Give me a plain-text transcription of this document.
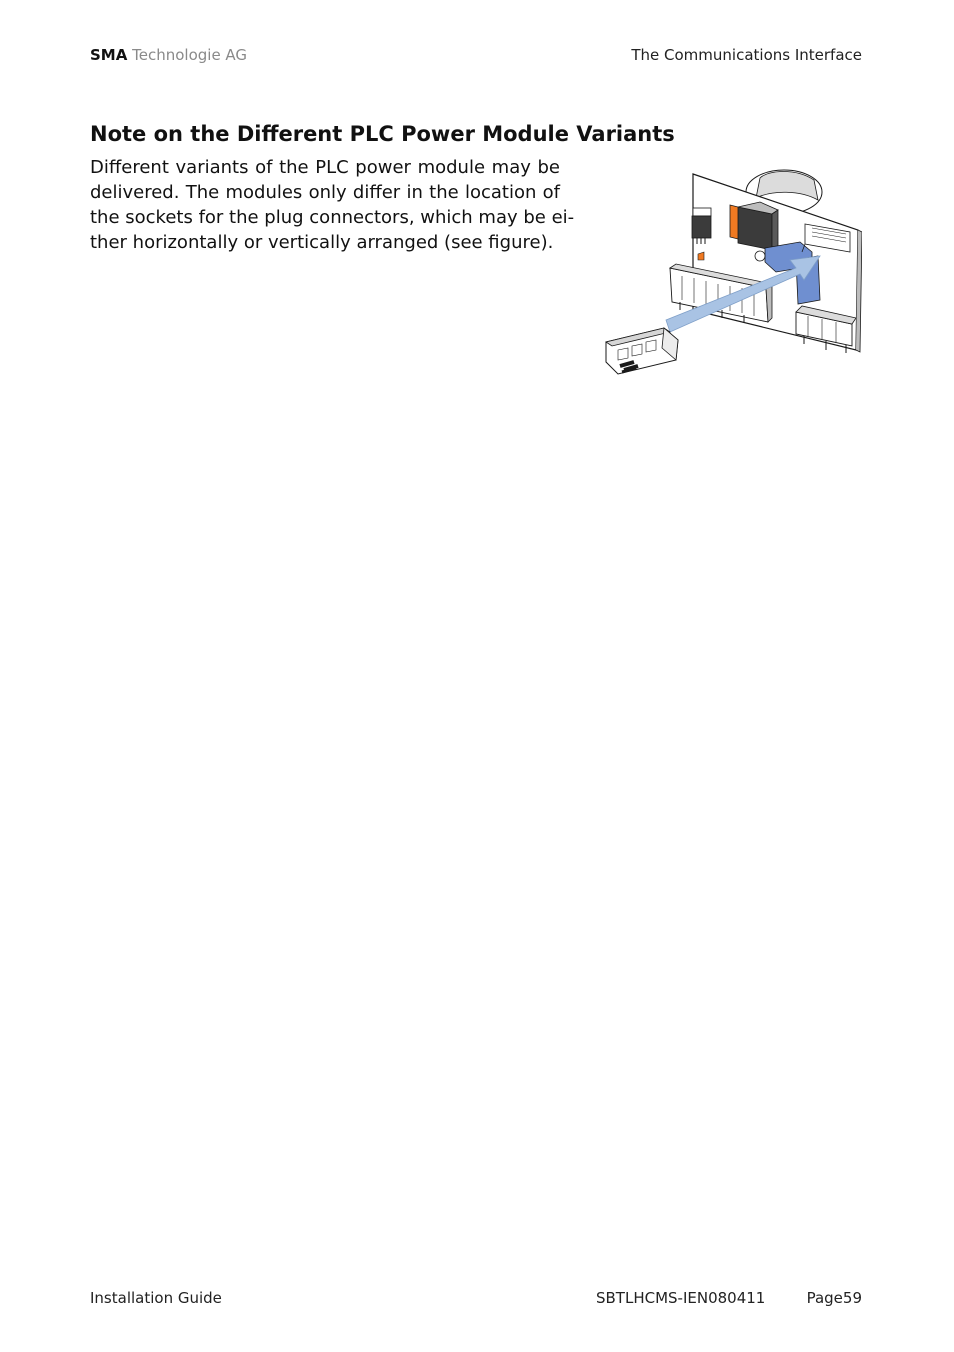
SMA Technologie AG	The Communications Interface
Note on the Different PLC Power Module Variants

Different variants of the PLC power module may be
delivered. The modules only differ in the location of
the sockets for the plug connectors, which may be ei-
ther horizontally or vertically arranged (see figure).

Installation Guide	SBTLHCMS-IEN080411	Page59
